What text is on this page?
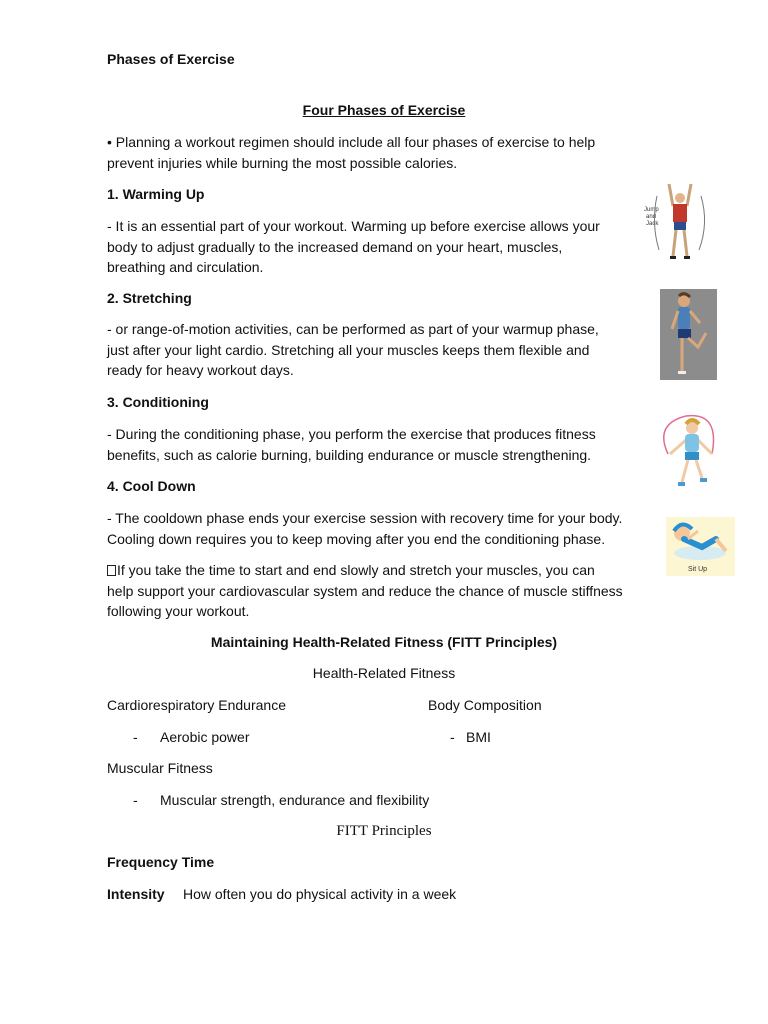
Phases of Exercise
Four Phases of Exercise
• Planning a workout regimen should include all four phases of exercise to help
prevent injuries while burning the most possible calories.
1. Warming Up
- It is an essential part of your workout. Warming up before exercise allows your
body to adjust gradually to the increased demand on your heart, muscles,
breathing and circulation.
2. Stretching
- or range-of-motion activities, can be performed as part of your warmup phase,
just after your light cardio. Stretching all your muscles keeps them flexible and
ready for heavy workout days.
3. Conditioning
- During the conditioning phase, you perform the exercise that produces fitness
benefits, such as calorie burning, building endurance or muscle strengthening.
4. Cool Down
- The cooldown phase ends your exercise session with recovery time for your body.
Cooling down requires you to keep moving after you end the conditioning phase.
If you take the time to start and end slowly and stretch your muscles, you can
help support your cardiovascular system and reduce the chance of muscle stiffness
following your workout.
Maintaining Health-Related Fitness (FITT Principles)
Health-Related Fitness
Cardiorespiratory Endurance	Body Composition
- Aerobic power	- BMI
Muscular Fitness
- Muscular strength, endurance and flexibility
FITT Principles
Frequency Time
Intensity How often you do physical activity in a week
Jump
and
Jack
Sit Up
